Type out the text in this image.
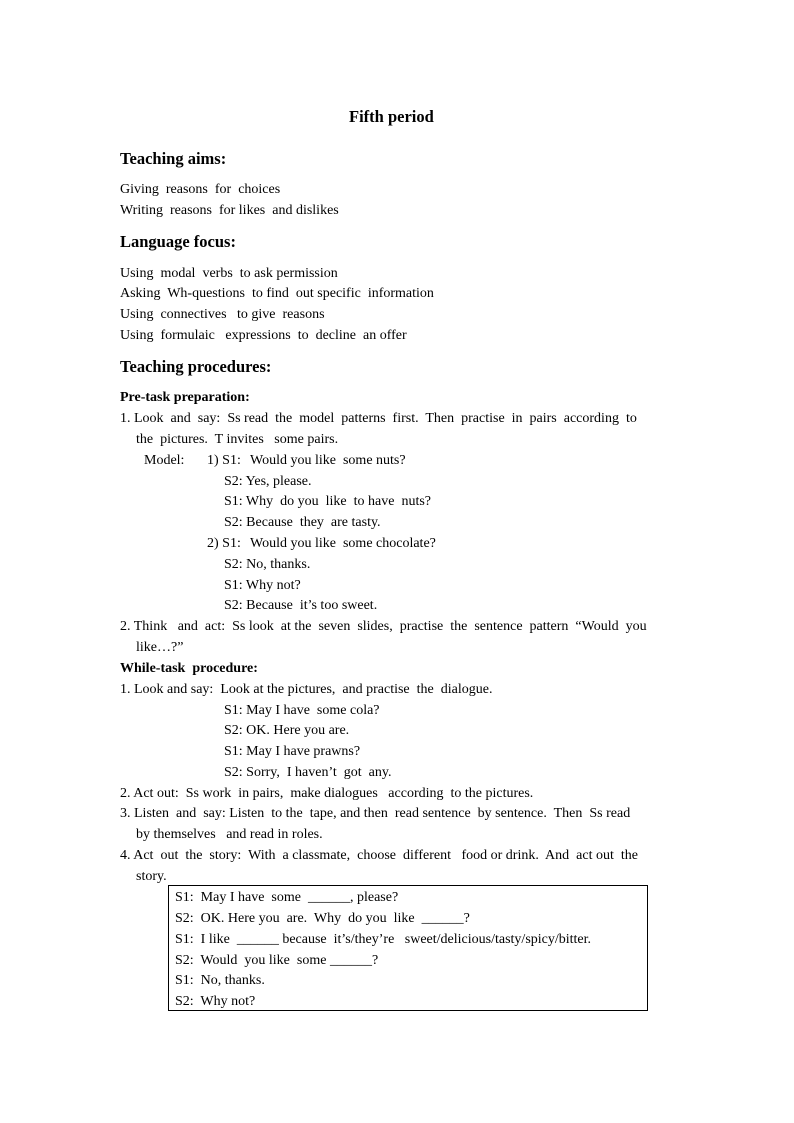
Fifth period
Teaching aims:
Giving  reasons  for  choices
Writing  reasons  for likes  and dislikes
Language focus:
Using  modal  verbs  to ask permission
Asking  Wh-questions  to find  out specific  information
Using  connectives   to give  reasons
Using  formulaic   expressions  to  decline  an offer
Teaching procedures:
Pre-task preparation:
1. Look  and  say:  Ss read  the  model  patterns  first.  Then  practise  in  pairs  according  to
the  pictures.  T invites   some pairs.
Model: 1) S1: Would you like  some nuts?
S2: Yes, please.
S1: Why  do you  like  to have  nuts?
S2: Because  they  are tasty.
2) S1: Would you like  some chocolate?
S2: No, thanks.
S1: Why not?
S2: Because  it’s too sweet.
2. Think   and  act:  Ss look  at the  seven  slides,  practise  the  sentence  pattern  “Would  you
like…?”
While-task  procedure:
1. Look and say:  Look at the pictures,  and practise  the  dialogue.
S1: May I have  some cola?
S2: OK. Here you are.
S1: May I have prawns?
S2: Sorry,  I haven’t  got  any.
2. Act out:  Ss work  in pairs,  make dialogues   according  to the pictures.
3. Listen  and  say: Listen  to the  tape, and then  read sentence  by sentence.  Then  Ss read
by themselves   and read in roles.
4. Act  out  the  story:  With  a classmate,  choose  different   food or drink.  And  act out  the
story.
S1:  May I have  some  ______, please?
S2:  OK. Here you  are.  Why  do you  like  ______?
S1:  I like  ______ because  it’s/they’re   sweet/delicious/tasty/spicy/bitter.
S2:  Would  you like  some ______?
S1:  No, thanks.
S2:  Why not?
